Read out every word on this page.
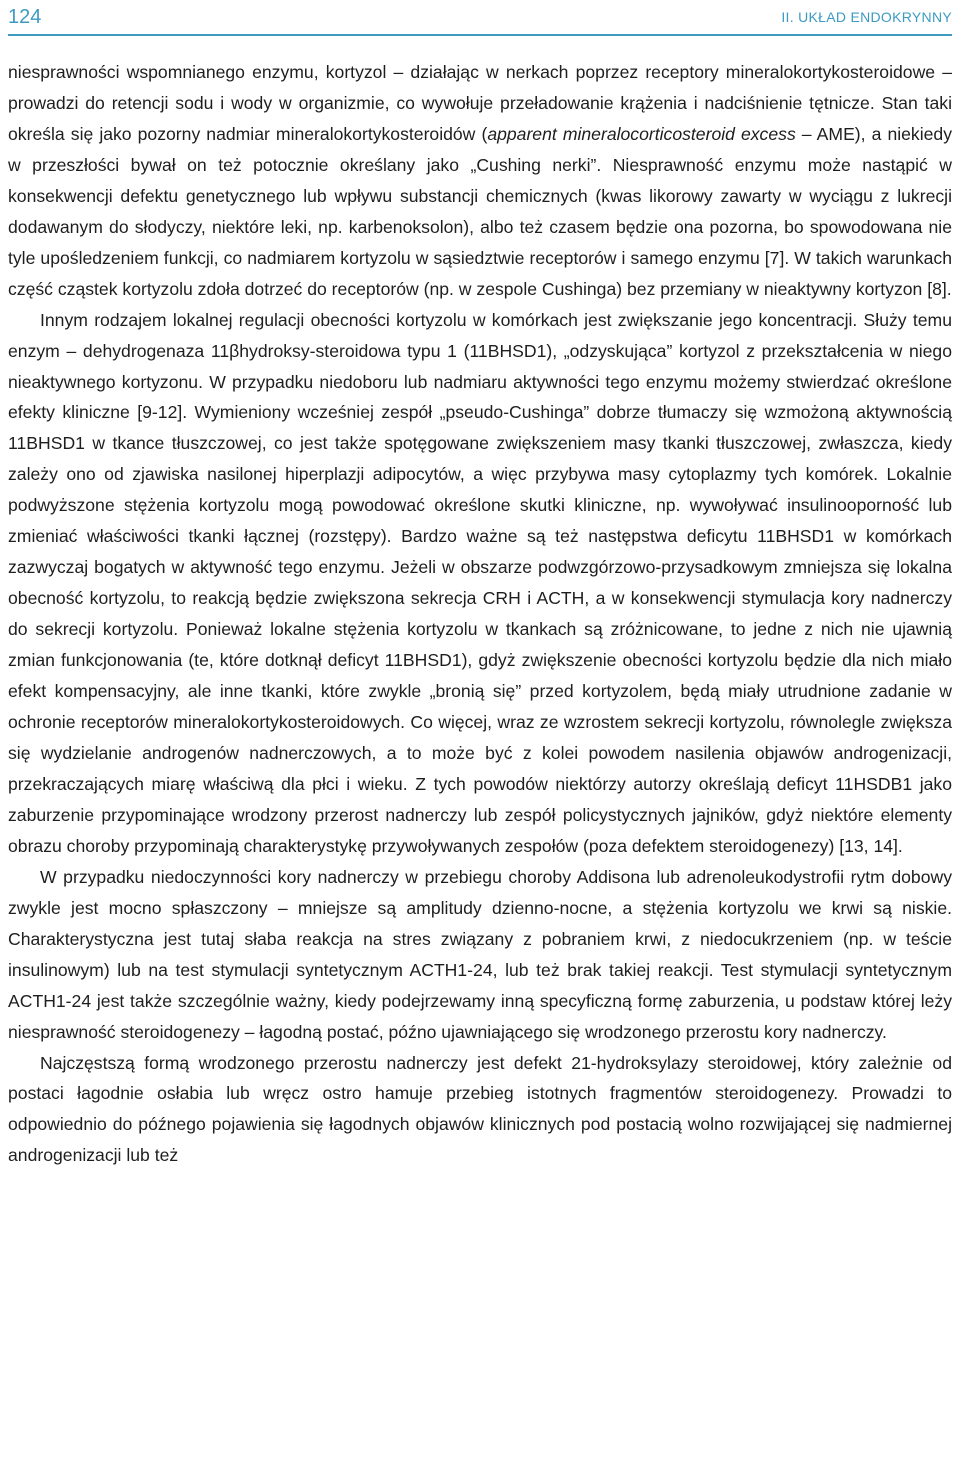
124	II. UKŁAD ENDOKRYNNY

niesprawności wspomnianego enzymu, kortyzol – działając w nerkach poprzez receptory mineralokortykosteroidowe – prowadzi do retencji sodu i wody w organizmie, co wywołuje przeładowanie krążenia i nadciśnienie tętnicze. Stan taki określa się jako pozorny nadmiar mineralokortykosteroidów (apparent mineralocorticosteroid excess – AME), a niekiedy w przeszłości bywał on też potocznie określany jako „Cushing nerki”. Niesprawność enzymu może nastąpić w konsekwencji defektu genetycznego lub wpływu substancji chemicznych (kwas likorowy zawarty w wyciągu z lukrecji dodawanym do słodyczy, niektóre leki, np. karbenoksolon), albo też czasem będzie ona pozorna, bo spowodowana nie tyle upośledzeniem funkcji, co nadmiarem kortyzolu w sąsiedztwie receptorów i samego enzymu [7]. W takich warunkach część cząstek kortyzolu zdoła dotrzeć do receptorów (np. w zespole Cushinga) bez przemiany w nieaktywny kortyzon [8].

Innym rodzajem lokalnej regulacji obecności kortyzolu w komórkach jest zwiększanie jego koncentracji. Służy temu enzym – dehydrogenaza 11βhydroksy-steroidowa typu 1 (11BHSD1), „odzyskująca” kortyzol z przekształcenia w niego nieaktywnego kortyzonu. W przypadku niedoboru lub nadmiaru aktywności tego enzymu możemy stwierdzać określone efekty kliniczne [9-12]. Wymieniony wcześniej zespół „pseudo-Cushinga” dobrze tłumaczy się wzmożoną aktywnością 11BHSD1 w tkance tłuszczowej, co jest także spotęgowane zwiększeniem masy tkanki tłuszczowej, zwłaszcza, kiedy zależy ono od zjawiska nasilonej hiperplazji adipocytów, a więc przybywa masy cytoplazmy tych komórek. Lokalnie podwyższone stężenia kortyzolu mogą powodować określone skutki kliniczne, np. wywoływać insulinooporność lub zmieniać właściwości tkanki łącznej (rozstępy). Bardzo ważne są też następstwa deficytu 11BHSD1 w komórkach zazwyczaj bogatych w aktywność tego enzymu. Jeżeli w obszarze podwzgórzowo-przysadkowym zmniejsza się lokalna obecność kortyzolu, to reakcją będzie zwiększona sekrecja CRH i ACTH, a w konsekwencji stymulacja kory nadnerczy do sekrecji kortyzolu. Ponieważ lokalne stężenia kortyzolu w tkankach są zróżnicowane, to jedne z nich nie ujawnią zmian funkcjonowania (te, które dotknął deficyt 11BHSD1), gdyż zwiększenie obecności kortyzolu będzie dla nich miało efekt kompensacyjny, ale inne tkanki, które zwykle „bronią się” przed kortyzolem, będą miały utrudnione zadanie w ochronie receptorów mineralokortykosteroidowych. Co więcej, wraz ze wzrostem sekrecji kortyzolu, równolegle zwiększa się wydzielanie androgenów nadnerczowych, a to może być z kolei powodem nasilenia objawów androgenizacji, przekraczających miarę właściwą dla płci i wieku. Z tych powodów niektórzy autorzy określają deficyt 11HSDB1 jako zaburzenie przypominające wrodzony przerost nadnerczy lub zespół policystycznych jajników, gdyż niektóre elementy obrazu choroby przypominają charakterystykę przywoływanych zespołów (poza defektem steroidogenezy) [13, 14].

W przypadku niedoczynności kory nadnerczy w przebiegu choroby Addisona lub adrenoleukodystrofii rytm dobowy zwykle jest mocno spłaszczony – mniejsze są amplitudy dzienno-nocne, a stężenia kortyzolu we krwi są niskie. Charakterystyczna jest tutaj słaba reakcja na stres związany z pobraniem krwi, z niedocukrzeniem (np. w teście insulinowym) lub na test stymulacji syntetycznym ACTH1-24, lub też brak takiej reakcji. Test stymulacji syntetycznym ACTH1-24 jest także szczególnie ważny, kiedy podejrzewamy inną specyficzną formę zaburzenia, u podstaw której leży niesprawność steroidogenezy – łagodną postać, późno ujawniającego się wrodzonego przerostu kory nadnerczy.

Najczęstszą formą wrodzonego przerostu nadnerczy jest defekt 21-hydroksylazy steroidowej, który zależnie od postaci łagodnie osłabia lub wręcz ostro hamuje przebieg istotnych fragmentów steroidogenezy. Prowadzi to odpowiednio do późnego pojawienia się łagodnych objawów klinicznych pod postacią wolno rozwijającej się nadmiernej androgenizacji lub też
